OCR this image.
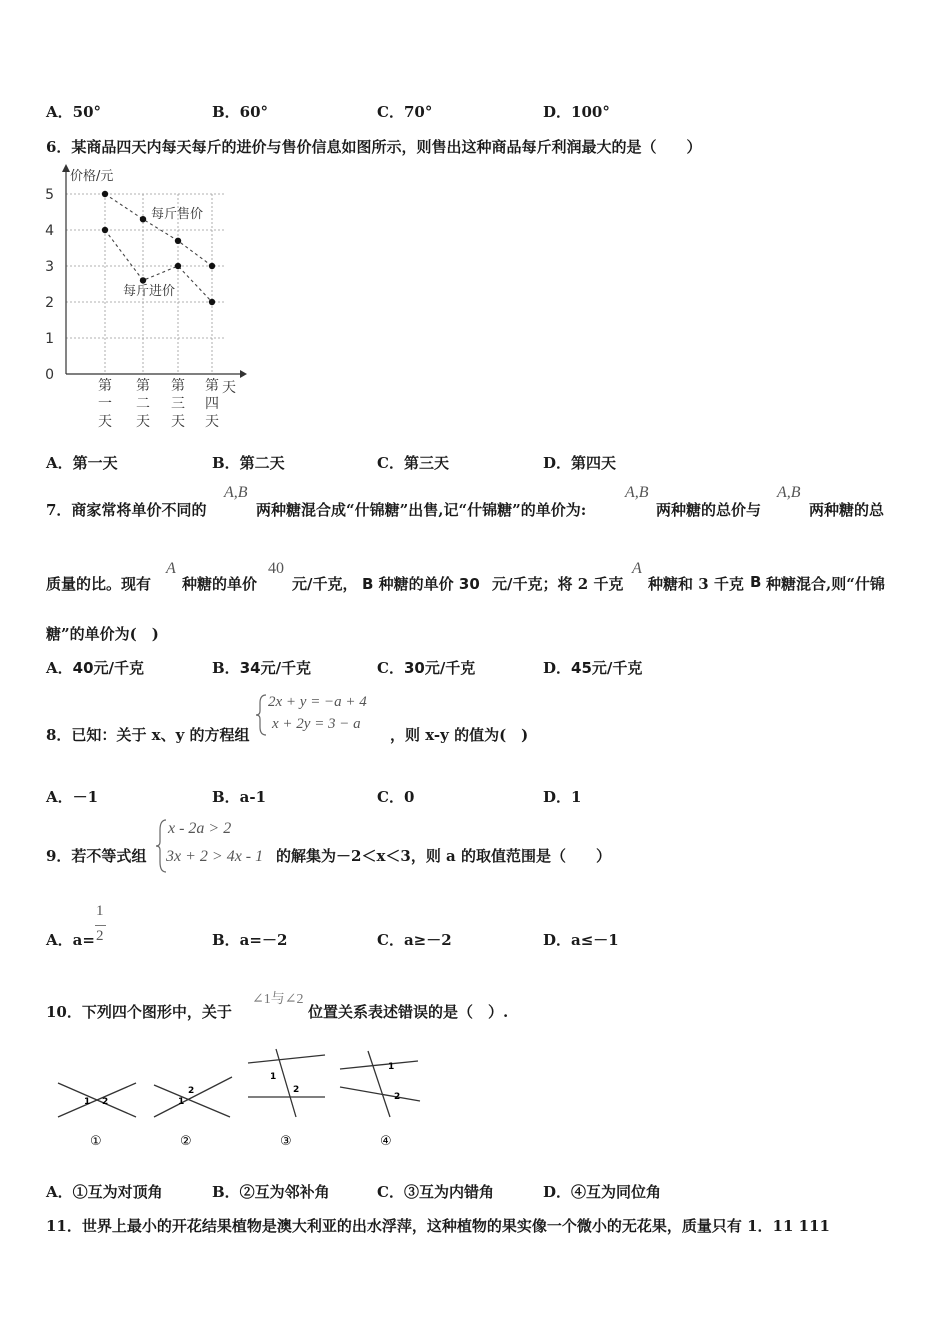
A．50°	B．60°	C．70°	D．100°
6．某商品四天内每天每斤的进价与售价信息如图所示，则售出这种商品每斤利润最大的是（　　）
0
1
2
3
4
5
价格/元
天
第
一
天
第
二
天
第
三
天
第
四
天
每斤售价
每斤进价
A．第一天	B．第二天	C．第三天	D．第四天
7．商家常将单价不同的
A,B
两种糖混合成“什锦糖”出售,记“什锦糖”的单价为:
A,B
两种糖的总价与
A,B
两种糖的总
质量的比。现有
A
种糖的单价
40
元/千克， B 种糖的单价 30 元/千克；将 2 千克
A
种糖和 3 千克 B 种糖混合,则“什锦
糖”的单价为(　)
A．40元/千克	B．34元/千克	C．30元/千克	D．45元/千克
8．已知：关于 x、y 的方程组
2x + y = −a + 4
x + 2y = 3 − a
，则 x-y 的值为(　)
A．－1	B．a-1	C．0	D．1
9．若不等式组
x - 2a > 2
3x + 2 > 4x - 1 的解集为－2＜x＜3，则 a 的取值范围是（　　）
A．a=
1
2	B．a=－2	C．a≥－2	D．a≤－1
10．下列四个图形中，关于
∠1与∠2
位置关系表述错误的是（　）.
1 2
①
1
2
②
1
2
③
1
2
④
A．①互为对顶角	B．②互为邻补角	C．③互为内错角	D．④互为同位角
11．世界上最小的开花结果植物是澳大利亚的出水浮萍，这种植物的果实像一个微小的无花果，质量只有 1．11 111
